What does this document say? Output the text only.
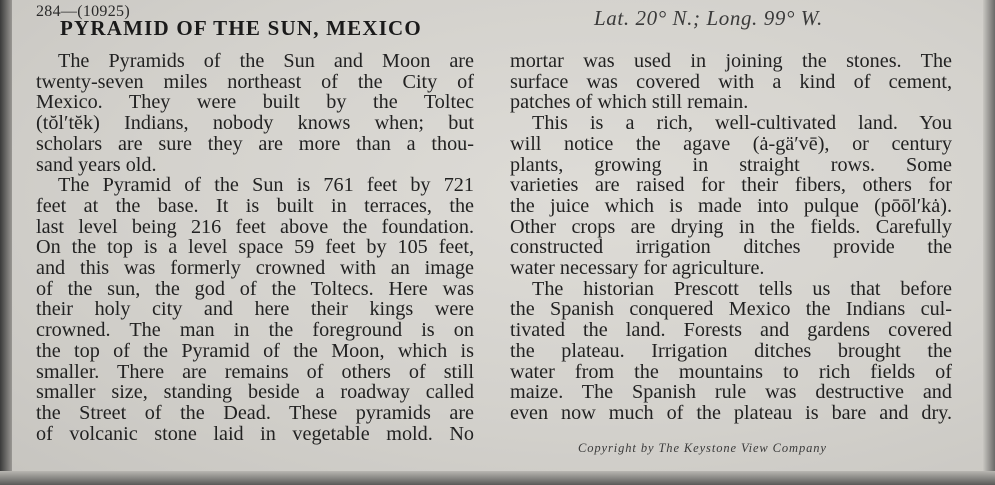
284—(10925)
PYRAMID OF THE SUN, MEXICO	Lat. 20° N.; Long. 99° W.
The Pyramids of the Sun and Moon are
twenty-seven miles northeast of the City of
Mexico. They were built by the Toltec
(tŏl′tĕk) Indians, nobody knows when; but
scholars are sure they are more than a thou-
sand years old.
The Pyramid of the Sun is 761 feet by 721
feet at the base. It is built in terraces, the
last level being 216 feet above the foundation.
On the top is a level space 59 feet by 105 feet,
and this was formerly crowned with an image
of the sun, the god of the Toltecs. Here was
their holy city and here their kings were
crowned. The man in the foreground is on
the top of the Pyramid of the Moon, which is
smaller. There are remains of others of still
smaller size, standing beside a roadway called
the Street of the Dead. These pyramids are
of volcanic stone laid in vegetable mold. No
mortar was used in joining the stones. The
surface was covered with a kind of cement,
patches of which still remain.
This is a rich, well-cultivated land. You
will notice the agave (ȧ-gä′vē), or century
plants, growing in straight rows. Some
varieties are raised for their fibers, others for
the juice which is made into pulque (pōōl′kȧ).
Other crops are drying in the fields. Carefully
constructed irrigation ditches provide the
water necessary for agriculture.
The historian Prescott tells us that before
the Spanish conquered Mexico the Indians cul-
tivated the land. Forests and gardens covered
the plateau. Irrigation ditches brought the
water from the mountains to rich fields of
maize. The Spanish rule was destructive and
even now much of the plateau is bare and dry.
Copyright by The Keystone View Company
